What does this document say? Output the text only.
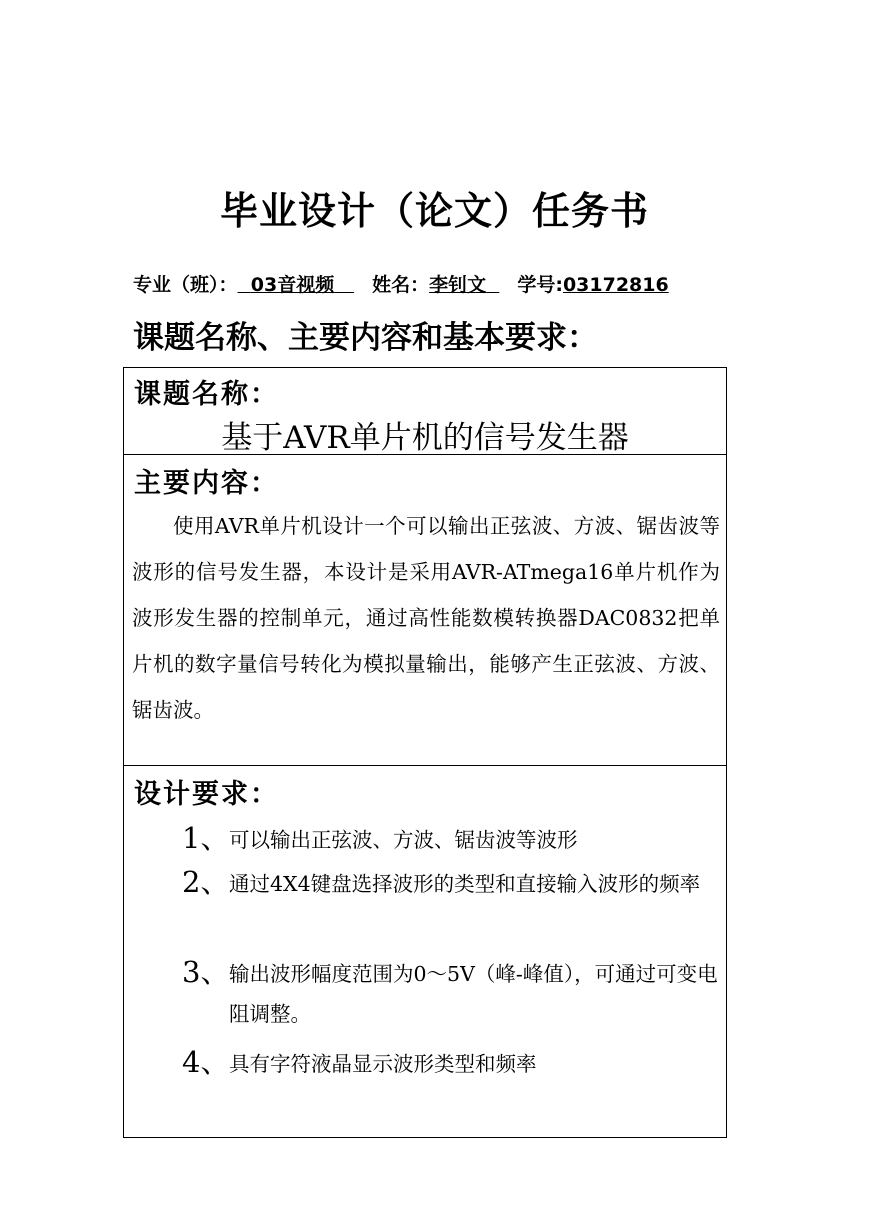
毕业设计（论文）任务书
专业（班）： 03音视频 姓名：李钊文 学号:03172816
课题名称、主要内容和基本要求：
课题名称：
基于AVR单片机的信号发生器
主要内容：
使用AVR单片机设计一个可以输出正弦波、方波、锯齿波等波形的信号发生器，本设计是采用AVR-ATmega16单片机作为波形发生器的控制单元，通过高性能数模转换器DAC0832把单片机的数字量信号转化为模拟量输出，能够产生正弦波、方波、锯齿波。
设计要求：
1、 可以输出正弦波、方波、锯齿波等波形
2、 通过4X4键盘选择波形的类型和直接输入波形的频率
3、 输出波形幅度范围为0～5V（峰-峰值），可通过可变电阻调整。
4、 具有字符液晶显示波形类型和频率
